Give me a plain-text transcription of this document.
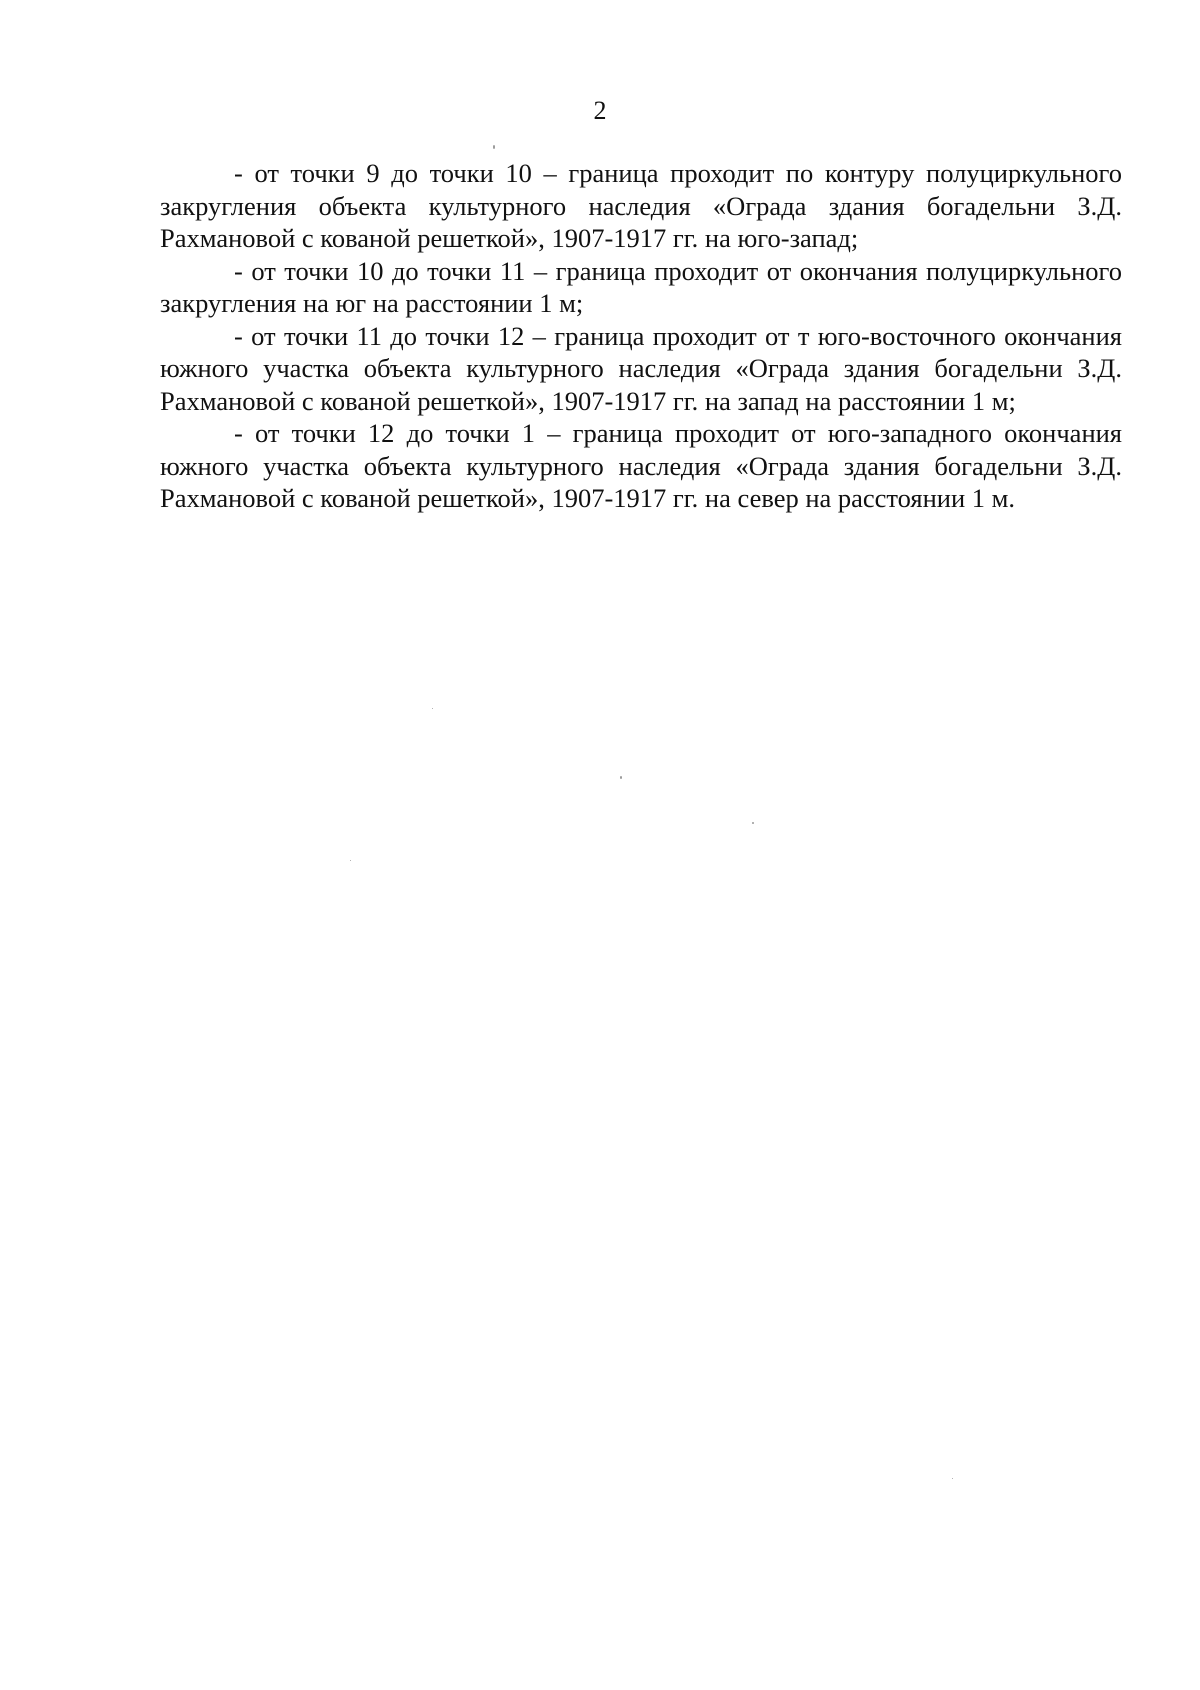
2

- от точки 9 до точки 10 – граница проходит по контуру полуциркульного закругления объекта культурного наследия «Ограда здания богадельни З.Д. Рахмановой с кованой решеткой», 1907-1917 гг. на юго-запад;

- от точки 10 до точки 11 – граница проходит от окончания полуциркульного закругления на юг на расстоянии 1 м;

- от точки 11 до точки 12 – граница проходит от т юго-восточного окончания южного участка объекта культурного наследия «Ограда здания богадельни З.Д. Рахмановой с кованой решеткой», 1907-1917 гг. на запад на расстоянии 1 м;

- от точки 12 до точки 1 – граница проходит от юго-западного окончания южного участка объекта культурного наследия «Ограда здания богадельни З.Д. Рахмановой с кованой решеткой», 1907-1917 гг. на север на расстоянии 1 м.
